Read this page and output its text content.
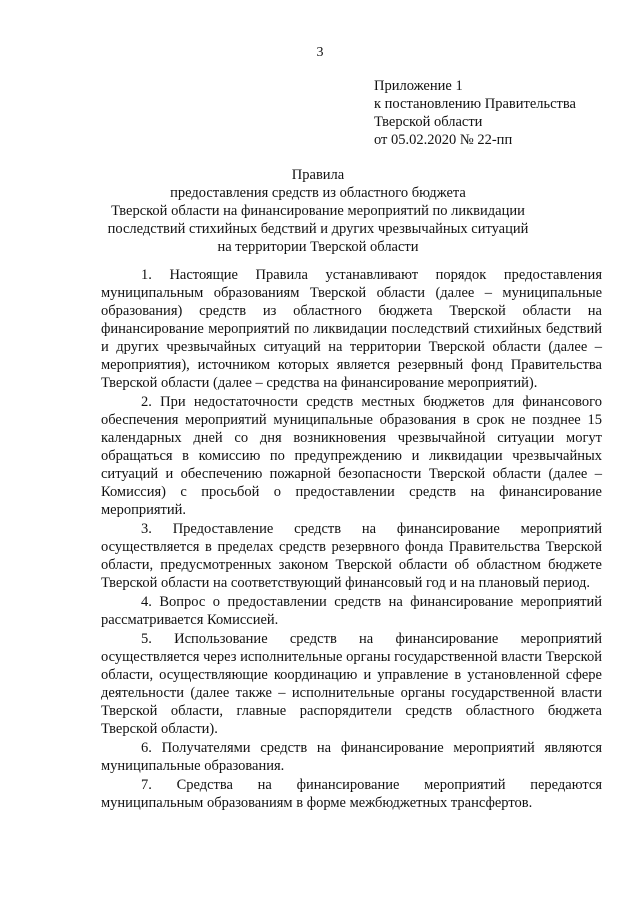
3
Приложение 1
к постановлению Правительства
Тверской области
от 05.02.2020 № 22-пп
Правила
предоставления средств из областного бюджета
Тверской области на финансирование мероприятий по ликвидации
последствий стихийных бедствий и других чрезвычайных ситуаций
на территории Тверской области

1. Настоящие Правила устанавливают порядок предоставления муниципальным образованиям Тверской области (далее – муниципальные образования) средств из областного бюджета Тверской области на финансирование мероприятий по ликвидации последствий стихийных бедствий и других чрезвычайных ситуаций на территории Тверской области (далее – мероприятия), источником которых является резервный фонд Правительства Тверской области (далее – средства на финансирование мероприятий).

2. При недостаточности средств местных бюджетов для финансового обеспечения мероприятий муниципальные образования в срок не позднее 15 календарных дней со дня возникновения чрезвычайной ситуации могут обращаться в комиссию по предупреждению и ликвидации чрезвычайных ситуаций и обеспечению пожарной безопасности Тверской области (далее – Комиссия) с просьбой о предоставлении средств на финансирование мероприятий.

3. Предоставление средств на финансирование мероприятий осуществляется в пределах средств резервного фонда Правительства Тверской области, предусмотренных законом Тверской области об областном бюджете Тверской области на соответствующий финансовый год и на плановый период.

4. Вопрос о предоставлении средств на финансирование мероприятий рассматривается Комиссией.

5. Использование средств на финансирование мероприятий осуществляется через исполнительные органы государственной власти Тверской области, осуществляющие координацию и управление в установленной сфере деятельности (далее также – исполнительные органы государственной власти Тверской области, главные распорядители средств областного бюджета Тверской области).

6. Получателями средств на финансирование мероприятий являются муниципальные образования.

7. Средства на финансирование мероприятий передаются муниципальным образованиям в форме межбюджетных трансфертов.
